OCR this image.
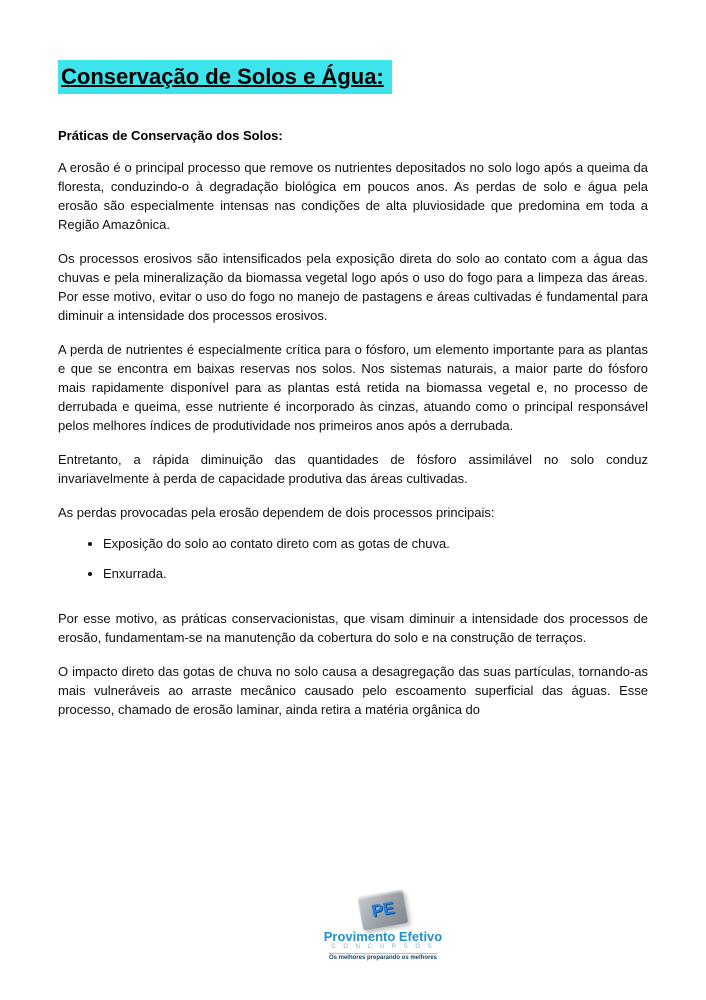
Conservação de Solos e Água:
Práticas de Conservação dos Solos:

A erosão é o principal processo que remove os nutrientes depositados no solo logo após a queima da floresta, conduzindo-o à degradação biológica em poucos anos. As perdas de solo e água pela erosão são especialmente intensas nas condições de alta pluviosidade que predomina em toda a Região Amazônica.

Os processos erosivos são intensificados pela exposição direta do solo ao contato com a água das chuvas e pela mineralização da biomassa vegetal logo após o uso do fogo para a limpeza das áreas. Por esse motivo, evitar o uso do fogo no manejo de pastagens e áreas cultivadas é fundamental para diminuir a intensidade dos processos erosivos.

A perda de nutrientes é especialmente crítica para o fósforo, um elemento importante para as plantas e que se encontra em baixas reservas nos solos. Nos sistemas naturais, a maior parte do fósforo mais rapidamente disponível para as plantas está retida na biomassa vegetal e, no processo de derrubada e queima, esse nutriente é incorporado às cinzas, atuando como o principal responsável pelos melhores índices de produtividade nos primeiros anos após a derrubada.

Entretanto, a rápida diminuição das quantidades de fósforo assimilável no solo conduz invariavelmente à perda de capacidade produtiva das áreas cultivadas.

As perdas provocadas pela erosão dependem de dois processos principais:

• Exposição do solo ao contato direto com as gotas de chuva.
• Enxurrada.

Por esse motivo, as práticas conservacionistas, que visam diminuir a intensidade dos processos de erosão, fundamentam-se na manutenção da cobertura do solo e na construção de terraços.

O impacto direto das gotas de chuva no solo causa a desagregação das suas partículas, tornando-as mais vulneráveis ao arraste mecânico causado pelo escoamento superficial das águas. Esse processo, chamado de erosão laminar, ainda retira a matéria orgânica do

PE
Provimento Efetivo
C O N C U R S O S
Os melhores preparando os melhores
